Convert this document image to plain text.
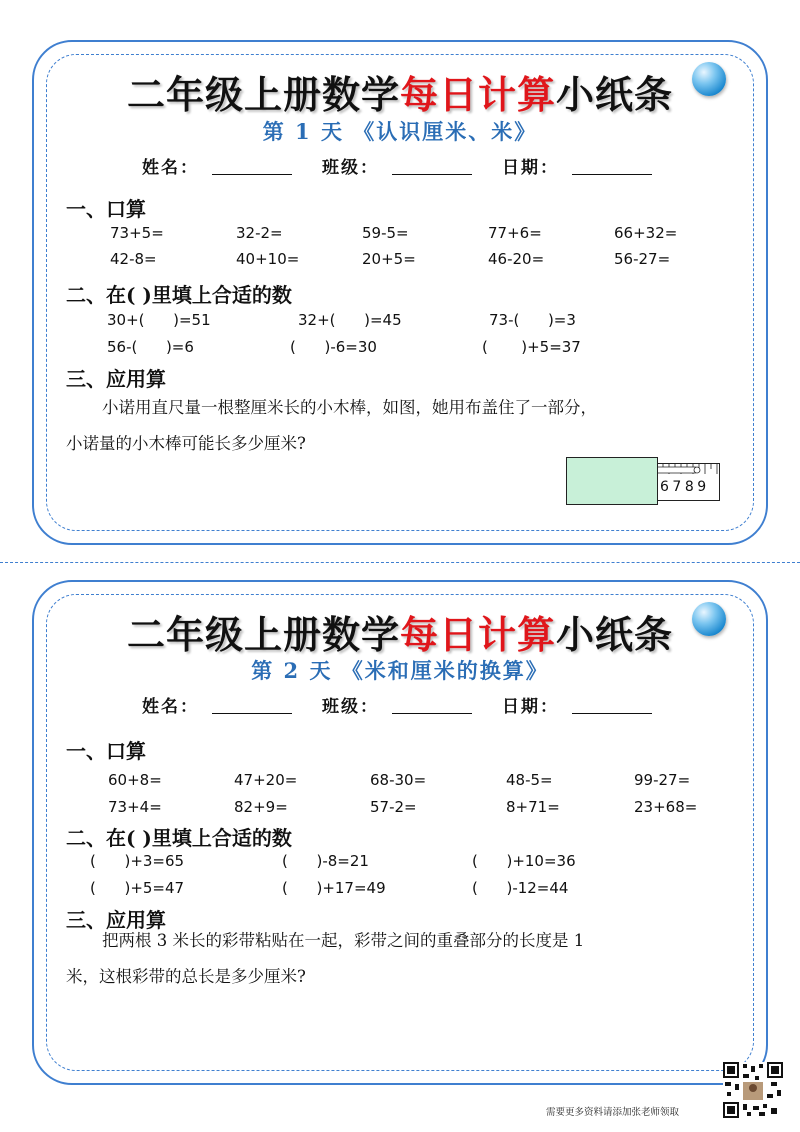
二年级上册数学每日计算小纸条
第 1 天 《认识厘米、米》
姓名：	班级：	日期：
一、口算
73+5=	32-2=	59-5=	77+6=	66+32=
42-8=	40+10=	20+5=	46-20=	56-27=
二、在( )里填上合适的数
30+(      )=51	32+(      )=45	73-(      )=3
56-(      )=6	(      )-6=30	(       )+5=37
三、应用算
小诺用直尺量一根整厘米长的小木棒，如图，她用布盖住了一部分，
小诺量的小木棒可能长多少厘米?
6789
二年级上册数学每日计算小纸条
第 2 天 《米和厘米的换算》
姓名：	班级：	日期：
一、口算
60+8=	47+20=	68-30=	48-5=	99-27=
73+4=	82+9=	57-2=	8+71=	23+68=
二、在( )里填上合适的数
(      )+3=65	(      )-8=21	(      )+10=36
(      )+5=47	(      )+17=49	(      )-12=44
三、应用算
把两根 3 米长的彩带粘贴在一起，彩带之间的重叠部分的长度是 1
米，这根彩带的总长是多少厘米?
需要更多资料请添加张老师领取
